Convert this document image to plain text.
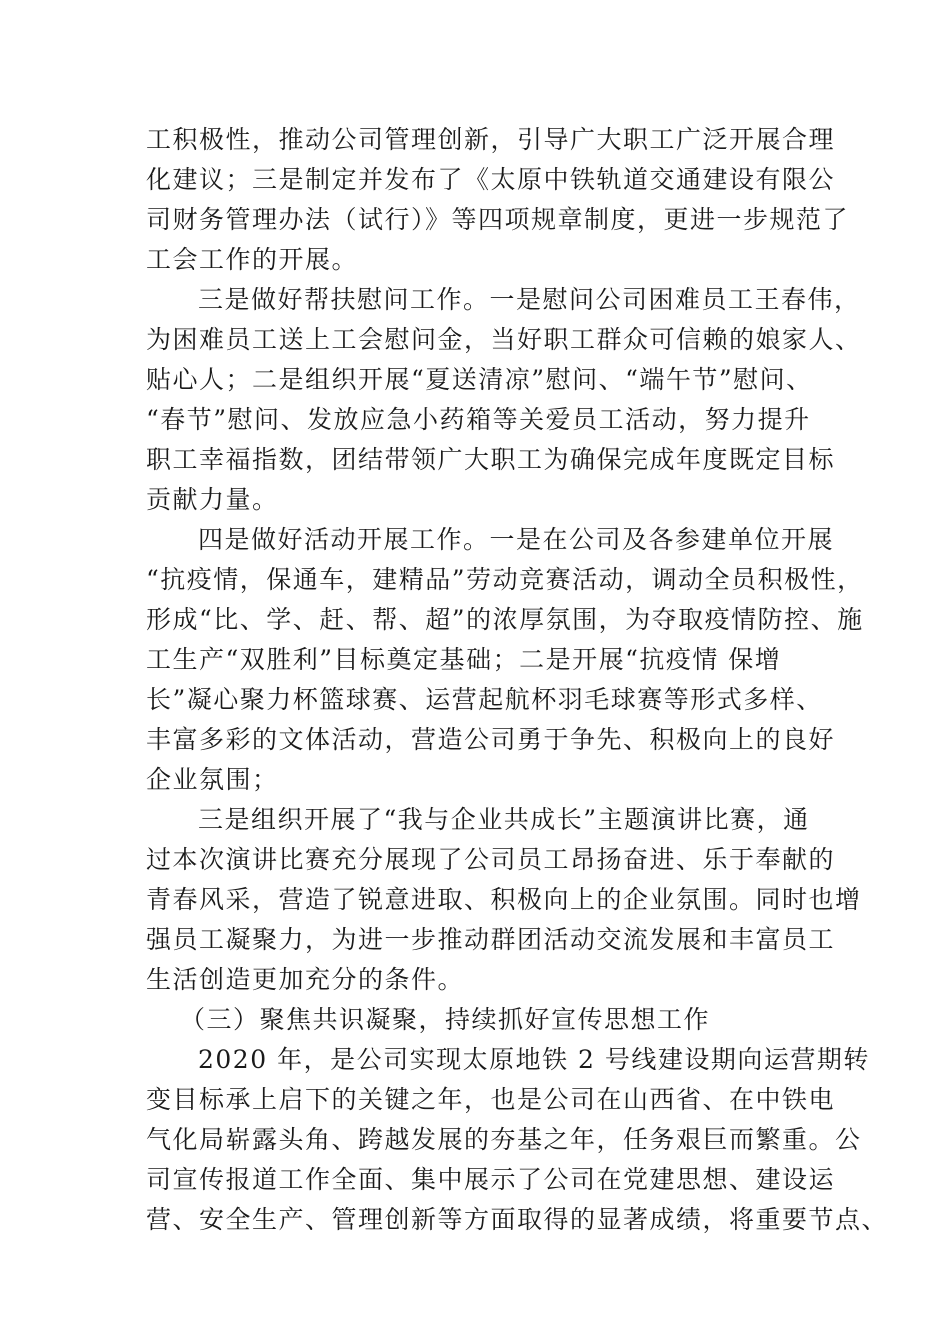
工积极性，推动公司管理创新，引导广大职工广泛开展合理
化建议；三是制定并发布了《太原中铁轨道交通建设有限公
司财务管理办法（试行）》等四项规章制度，更进一步规范了
工会工作的开展。
三是做好帮扶慰问工作。一是慰问公司困难员工王春伟，
为困难员工送上工会慰问金，当好职工群众可信赖的娘家人、
贴心人；二是组织开展“夏送清凉”慰问、“端午节”慰问、
“春节”慰问、发放应急小药箱等关爱员工活动，努力提升
职工幸福指数，团结带领广大职工为确保完成年度既定目标
贡献力量。
四是做好活动开展工作。一是在公司及各参建单位开展
“抗疫情，保通车，建精品”劳动竞赛活动，调动全员积极性，
形成“比、学、赶、帮、超”的浓厚氛围，为夺取疫情防控、施
工生产“双胜利”目标奠定基础；二是开展“抗疫情 保增
长”凝心聚力杯篮球赛、运营起航杯羽毛球赛等形式多样、
丰富多彩的文体活动，营造公司勇于争先、积极向上的良好
企业氛围；
三是组织开展了“我与企业共成长”主题演讲比赛，通
过本次演讲比赛充分展现了公司员工昂扬奋进、乐于奉献的
青春风采，营造了锐意进取、积极向上的企业氛围。同时也增
强员工凝聚力，为进一步推动群团活动交流发展和丰富员工
生活创造更加充分的条件。
（三）聚焦共识凝聚，持续抓好宣传思想工作
2020 年，是公司实现太原地铁 2 号线建设期向运营期转
变目标承上启下的关键之年，也是公司在山西省、在中铁电
气化局崭露头角、跨越发展的夯基之年，任务艰巨而繁重。公
司宣传报道工作全面、集中展示了公司在党建思想、建设运
营、安全生产、管理创新等方面取得的显著成绩，将重要节点、
